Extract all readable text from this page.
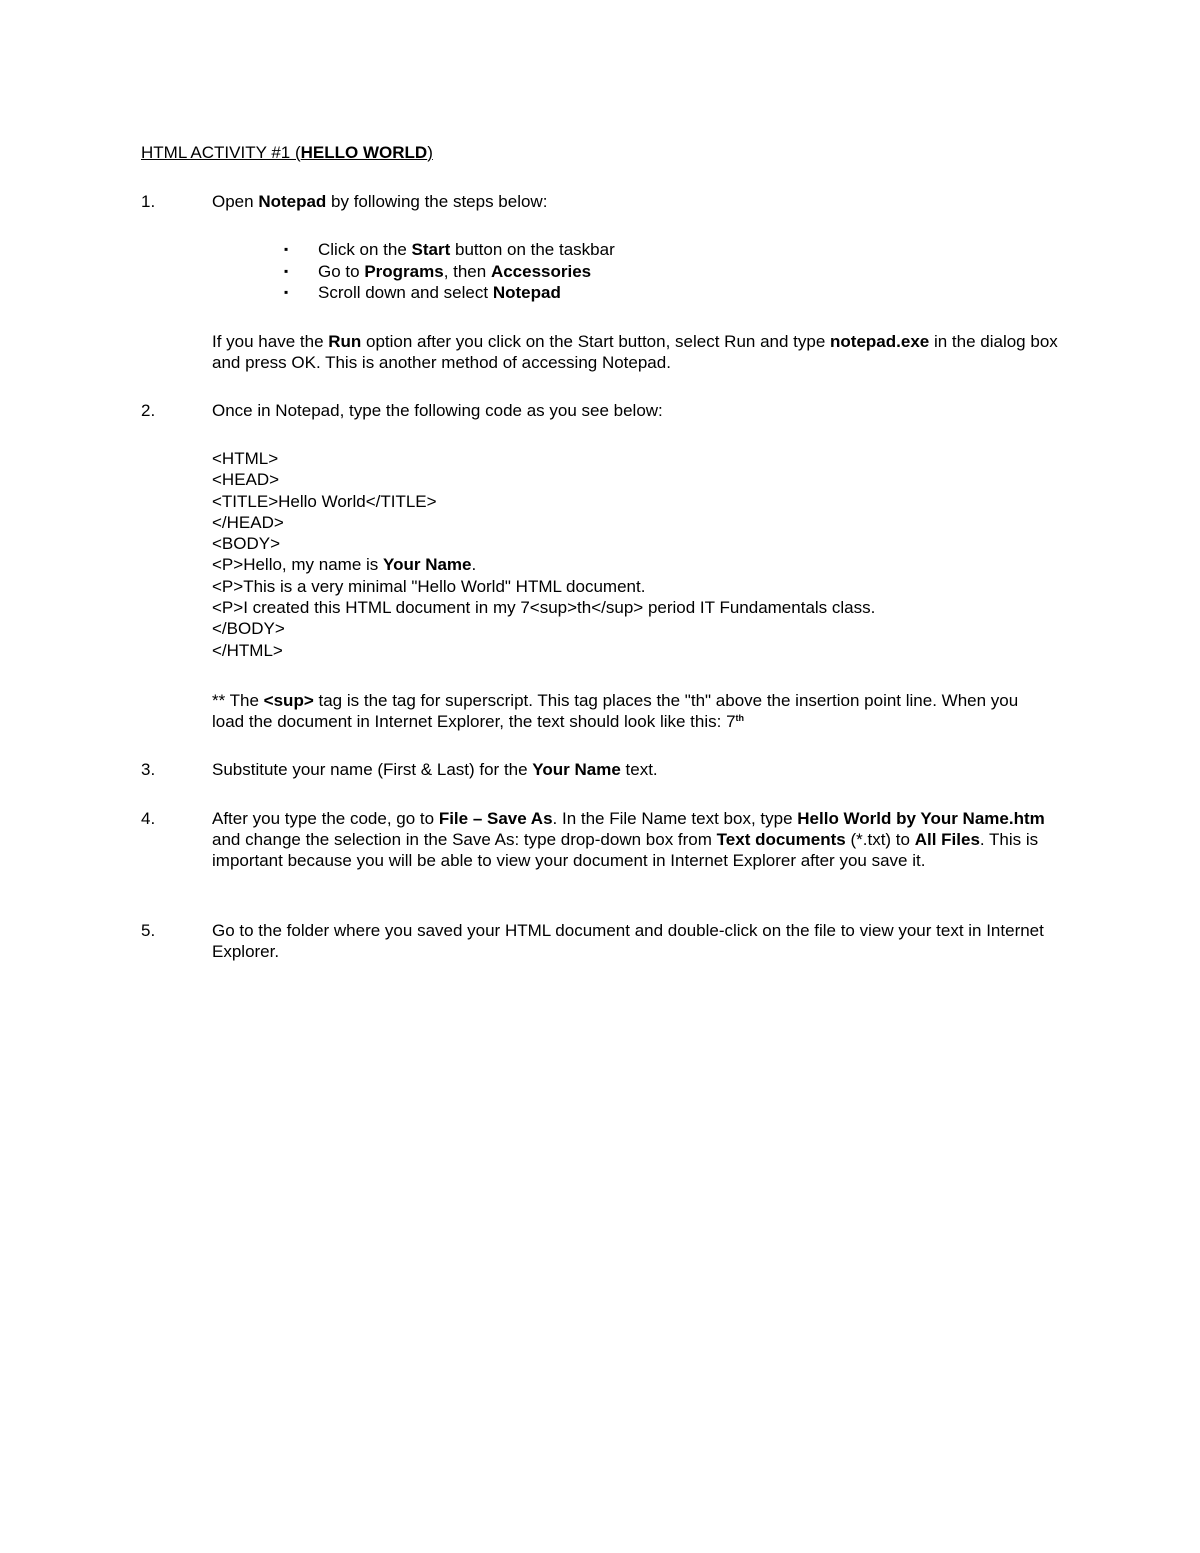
HTML ACTIVITY #1 (HELLO WORLD)
1.	Open Notepad by following the steps below:
▪ Click on the Start button on the taskbar
▪ Go to Programs, then Accessories
▪ Scroll down and select Notepad
If you have the Run option after you click on the Start button, select Run and type notepad.exe in the dialog box and press OK. This is another method of accessing Notepad.
2.	Once in Notepad, type the following code as you see below:
<HTML>
<HEAD>
<TITLE>Hello World</TITLE>
</HEAD>
<BODY>
<P>Hello, my name is Your Name.
<P>This is a very minimal "Hello World" HTML document.
<P>I created this HTML document in my 7<sup>th</sup> period IT Fundamentals class.
</BODY>
</HTML>
** The <sup> tag is the tag for superscript. This tag places the "th" above the insertion point line. When you load the document in Internet Explorer, the text should look like this: 7th
3.	Substitute your name (First & Last) for the Your Name text.
4.	After you type the code, go to File – Save As. In the File Name text box, type Hello World by Your Name.htm and change the selection in the Save As: type drop-down box from Text documents (*.txt) to All Files. This is important because you will be able to view your document in Internet Explorer after you save it.
5.	Go to the folder where you saved your HTML document and double-click on the file to view your text in Internet Explorer.
